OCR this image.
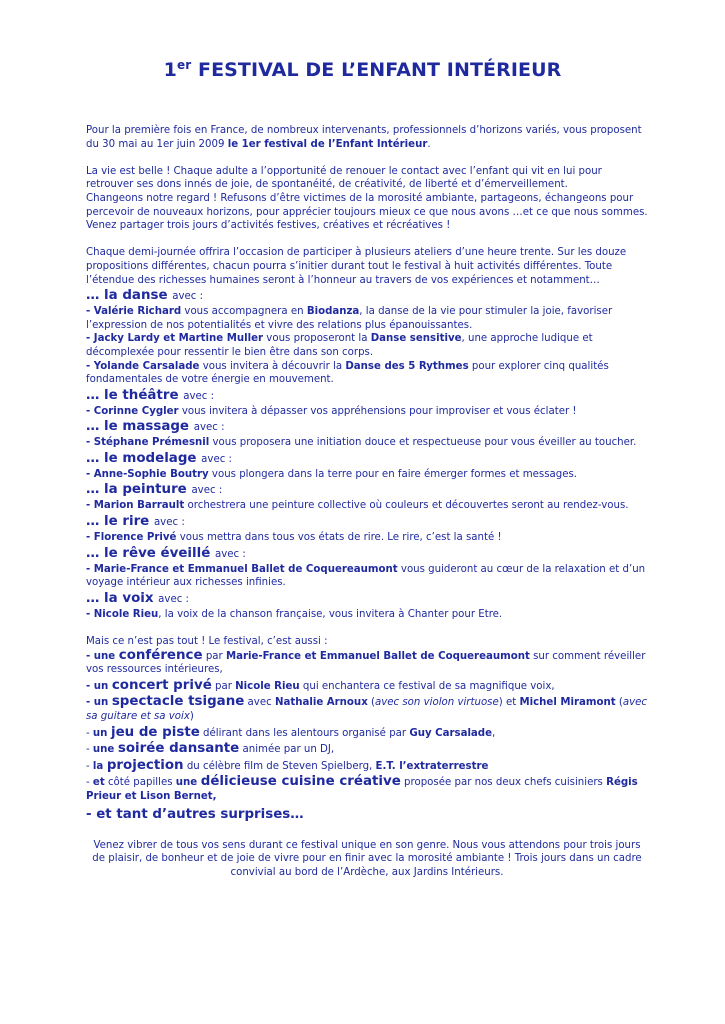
1er FESTIVAL DE L’ENFANT INTÉRIEUR

Pour la première fois en France, de nombreux intervenants, professionnels d’horizons variés, vous proposent du 30 mai au 1er juin 2009 le 1er festival de l’Enfant Intérieur.

La vie est belle ! Chaque adulte a l’opportunité de renouer le contact avec l’enfant qui vit en lui pour retrouver ses dons innés de joie, de spontanéité, de créativité, de liberté et d’émerveillement.

Changeons notre regard ! Refusons d’être victimes de la morosité ambiante, partageons, échangeons pour percevoir de nouveaux horizons, pour apprécier toujours mieux ce que nous avons …et ce que nous sommes.

Venez partager trois jours d’activités festives, créatives et récréatives !

Chaque demi-journée offrira l’occasion de participer à plusieurs ateliers d’une heure trente. Sur les douze propositions différentes, chacun pourra s’initier durant tout le festival à huit activités différentes. Toute l’étendue des richesses humaines seront à l’honneur au travers de vos expériences et notamment…

… la danse avec :

- Valérie Richard vous accompagnera en Biodanza, la danse de la vie pour stimuler la joie, favoriser l’expression de nos potentialités et vivre des relations plus épanouissantes.

- Jacky Lardy et Martine Muller vous proposeront la Danse sensitive, une approche ludique et décomplexée pour ressentir le bien être dans son corps.

- Yolande Carsalade vous invitera à découvrir la Danse des 5 Rythmes pour explorer cinq qualités fondamentales de votre énergie en mouvement.

… le théâtre avec :

- Corinne Cygler vous invitera à dépasser vos appréhensions pour improviser et vous éclater !

… le massage avec :

- Stéphane Prémesnil vous proposera une initiation douce et respectueuse pour vous éveiller au toucher.

… le modelage avec :

- Anne-Sophie Boutry vous plongera dans la terre pour en faire émerger formes et messages.

… la peinture avec :

- Marion Barrault orchestrera une peinture collective où couleurs et découvertes seront au rendez-vous.

… le rire avec :

- Florence Privé vous mettra dans tous vos états de rire. Le rire, c’est la santé !

… le rêve éveillé avec :

- Marie-France et Emmanuel Ballet de Coquereaumont vous guideront au cœur de la relaxation et d’un voyage intérieur aux richesses infinies.

… la voix avec :

- Nicole Rieu, la voix de la chanson française, vous invitera à Chanter pour Etre.

Mais ce n’est pas tout ! Le festival, c’est aussi :

- une conférence par Marie-France et Emmanuel Ballet de Coquereaumont sur comment réveiller vos ressources intérieures,

- un concert privé par Nicole Rieu qui enchantera ce festival de sa magnifique voix,

- un spectacle tsigane avec Nathalie Arnoux (avec son violon virtuose) et Michel Miramont (avec sa guitare et sa voix)

- un jeu de piste délirant dans les alentours organisé par Guy Carsalade,

- une soirée dansante animée par un DJ,

- la projection du célèbre film de Steven Spielberg, E.T. l’extraterrestre

- et côté papilles une délicieuse cuisine créative proposée par nos deux chefs cuisiniers Régis Prieur et Lison Bernet,

- et tant d’autres surprises…

Venez vibrer de tous vos sens durant ce festival unique en son genre. Nous vous attendons pour trois jours de plaisir, de bonheur et de joie de vivre pour en finir avec la morosité ambiante ! Trois jours dans un cadre convivial au bord de l’Ardèche, aux Jardins Intérieurs.
